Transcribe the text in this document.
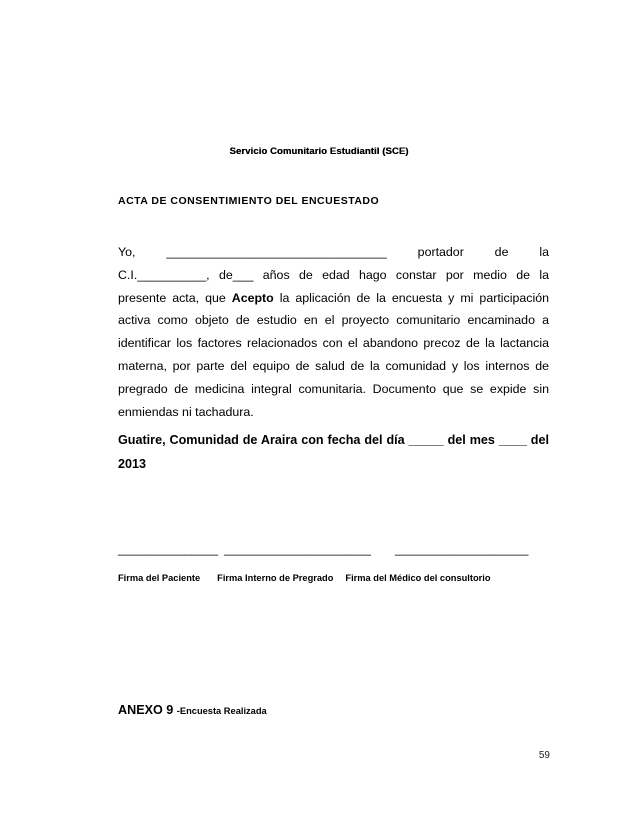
Servicio Comunitario Estudiantil (SCE)
ACTA DE CONSENTIMIENTO DEL ENCUESTADO
Yo, ________________________________ portador de la
C.I.__________, de___ años de edad hago constar por medio de la
presente acta, que Acepto la aplicación de la encuesta y mi participación
activa como objeto de estudio en el proyecto comunitario encaminado a
identificar los factores relacionados con el abandono precoz de la lactancia
materna, por parte del equipo de salud de la comunidad y los internos de
pregrado de medicina integral comunitaria. Documento que se expide sin
enmiendas ni tachadura.
Guatire, Comunidad de Araira con fecha del día _____ del mes ____ del
2013
_______________ ______________________ ____________________
Firma del Paciente Firma Interno de Pregrado Firma del Médico del consultorio
ANEXO 9 -Encuesta Realizada
59
